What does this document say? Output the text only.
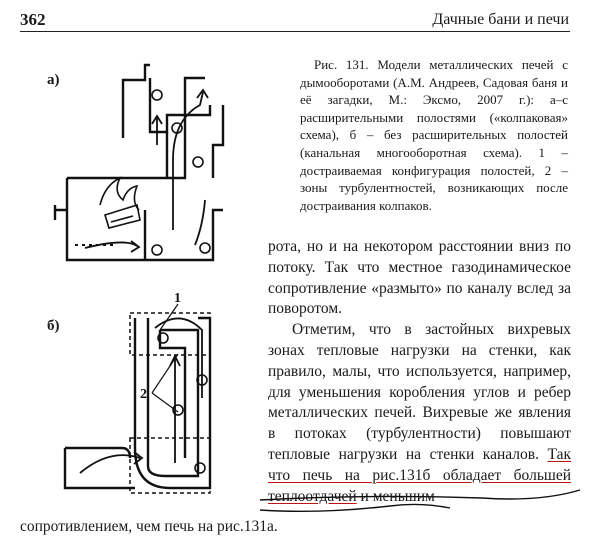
362	Дачные бани и печи
а)
б)
1
2
Рис. 131. Модели металлических печей с дымооборотами (А.М. Андреев, Садовая баня и её загадки, М.: Эксмо, 2007 г.): а–с расширительными полостями («колпаковая» схема), б – без расширительных полостей (канальная многооборотная схема). 1 – достраиваемая конфигурация полостей, 2 – зоны турбулентностей, возникающих после достраивания колпаков.

рота, но и на некотором расстоянии вниз по потоку. Так что местное газодинамическое сопротивление «размыто» по каналу вслед за поворотом.

Отметим, что в застойных вихревых зонах тепловые нагрузки на стенки, как правило, малы, что используется, например, для уменьшения коробления углов и ребер металлических печей. Вихревые же явления в потоках (турбулентности) повышают тепловые нагрузки на стенки каналов. Так что печь на рис.131б обладает большей теплоотдачей и меньшим

сопротивлением, чем печь на рис.131а.
